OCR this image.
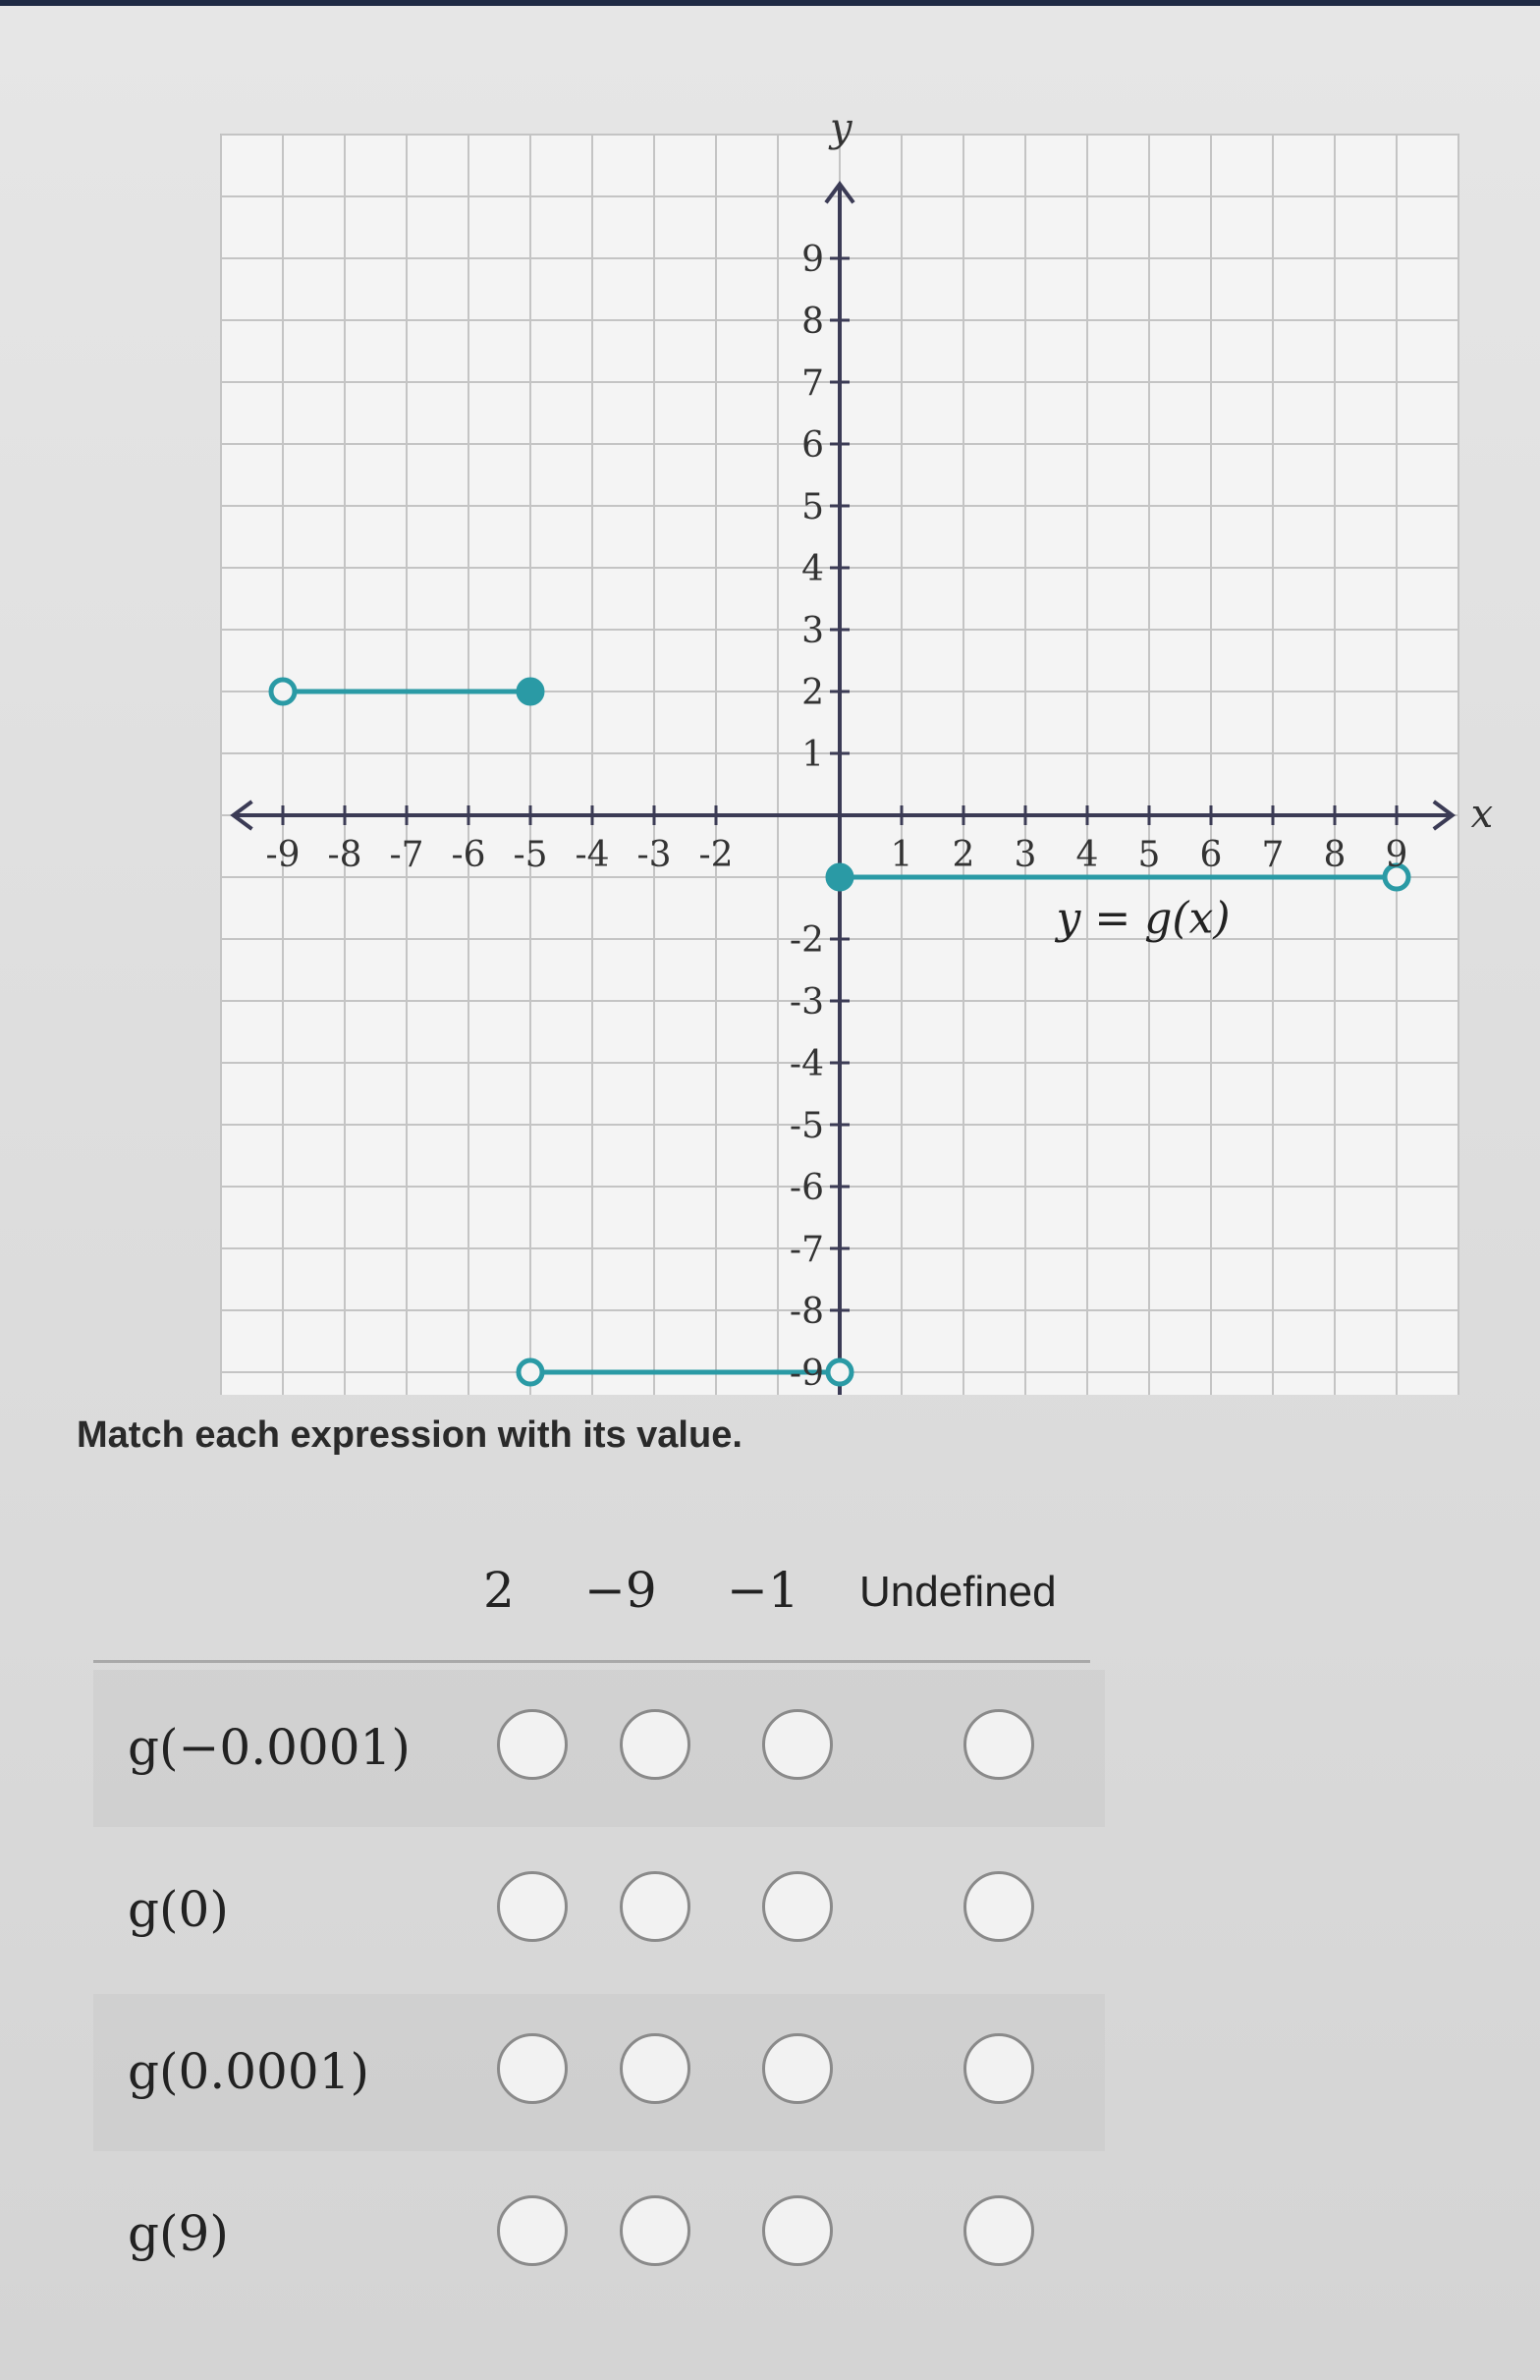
-9 -8 -7 -6 -5 -4 -3 -2	1 2 3 4 5 6 7 8 9
9
8
7
6
5
4
3
2
1
-2
-3
-4
-5
-6
-7
-8
-9
x
y
y = g(x)
Match each expression with its value.
2 −9 −1 Undefined
g(−0.0001)
g(0)
g(0.0001)
g(9)
